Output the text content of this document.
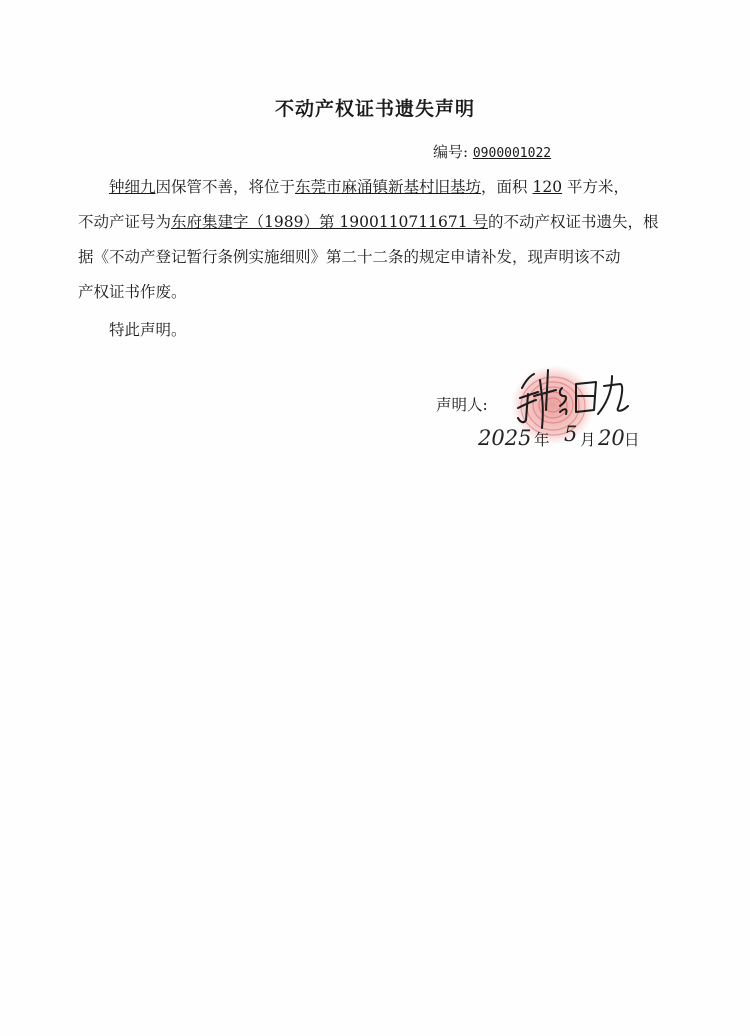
不动产权证书遗失声明
编号: 0900001022
钟细九因保管不善，将位于东莞市麻涌镇新基村旧基坊，面积 120 平方米，
不动产证号为东府集建字（1989）第 1900110711671 号的不动产权证书遗失，根
据《不动产登记暂行条例实施细则》第二十二条的规定申请补发，现声明该不动
产权证书作废。
特此声明。
声明人:
2025 年 5 月 20 日
